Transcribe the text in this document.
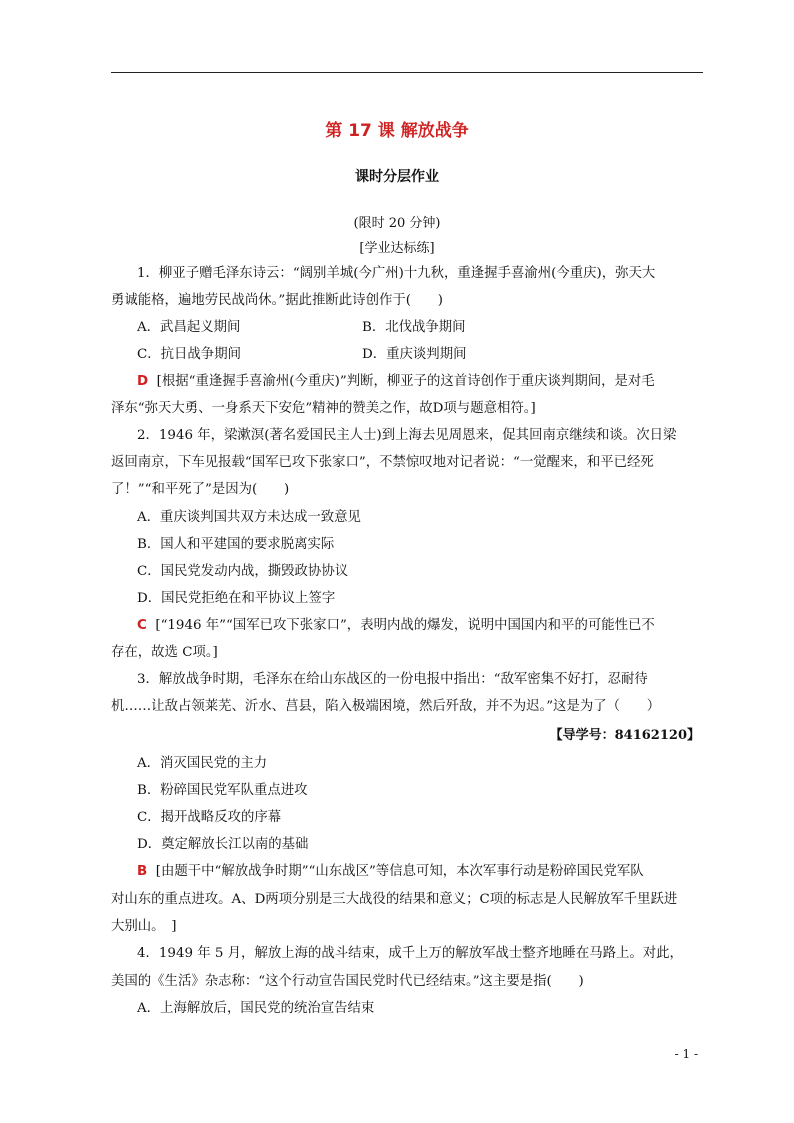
第 17 课 解放战争
课时分层作业
(限时 20 分钟)
[学业达标练]
1．柳亚子赠毛泽东诗云：“阔别羊城(今广州)十九秋，重逢握手喜渝州(今重庆)，弥天大
勇诚能格，遍地劳民战尚休。”据此推断此诗创作于(　　)
A．武昌起义期间	B．北伐战争期间
C．抗日战争期间	D．重庆谈判期间
D [根据“重逢握手喜渝州(今重庆)”判断，柳亚子的这首诗创作于重庆谈判期间，是对毛
泽东“弥天大勇、一身系天下安危”精神的赞美之作，故D项与题意相符。]
2．1946 年，梁漱溟(著名爱国民主人士)到上海去见周恩来，促其回南京继续和谈。次日梁
返回南京，下车见报载“国军已攻下张家口”，不禁惊叹地对记者说：“一觉醒来，和平已经死
了！”“和平死了”是因为(　　)
A．重庆谈判国共双方未达成一致意见
B．国人和平建国的要求脱离实际
C．国民党发动内战，撕毁政协协议
D．国民党拒绝在和平协议上签字
C [“1946 年”“国军已攻下张家口”，表明内战的爆发，说明中国国内和平的可能性已不
存在，故选 C项。]
3．解放战争时期，毛泽东在给山东战区的一份电报中指出：“敌军密集不好打，忍耐待
机……让敌占领莱芜、沂水、莒县，陷入极端困境，然后歼敌，并不为迟。”这是为了（　　）
【导学号：84162120】
A．消灭国民党的主力
B．粉碎国民党军队重点进攻
C．揭开战略反攻的序幕
D．奠定解放长江以南的基础
B [由题干中“解放战争时期”“山东战区”等信息可知，本次军事行动是粉碎国民党军队
对山东的重点进攻。A、D两项分别是三大战役的结果和意义；C项的标志是人民解放军千里跃进
大别山。　]
4．1949 年 5 月，解放上海的战斗结束，成千上万的解放军战士整齐地睡在马路上。对此，
美国的《生活》杂志称：“这个行动宣告国民党时代已经结束。”这主要是指(　　)
A．上海解放后，国民党的统治宣告结束
- 1 -
